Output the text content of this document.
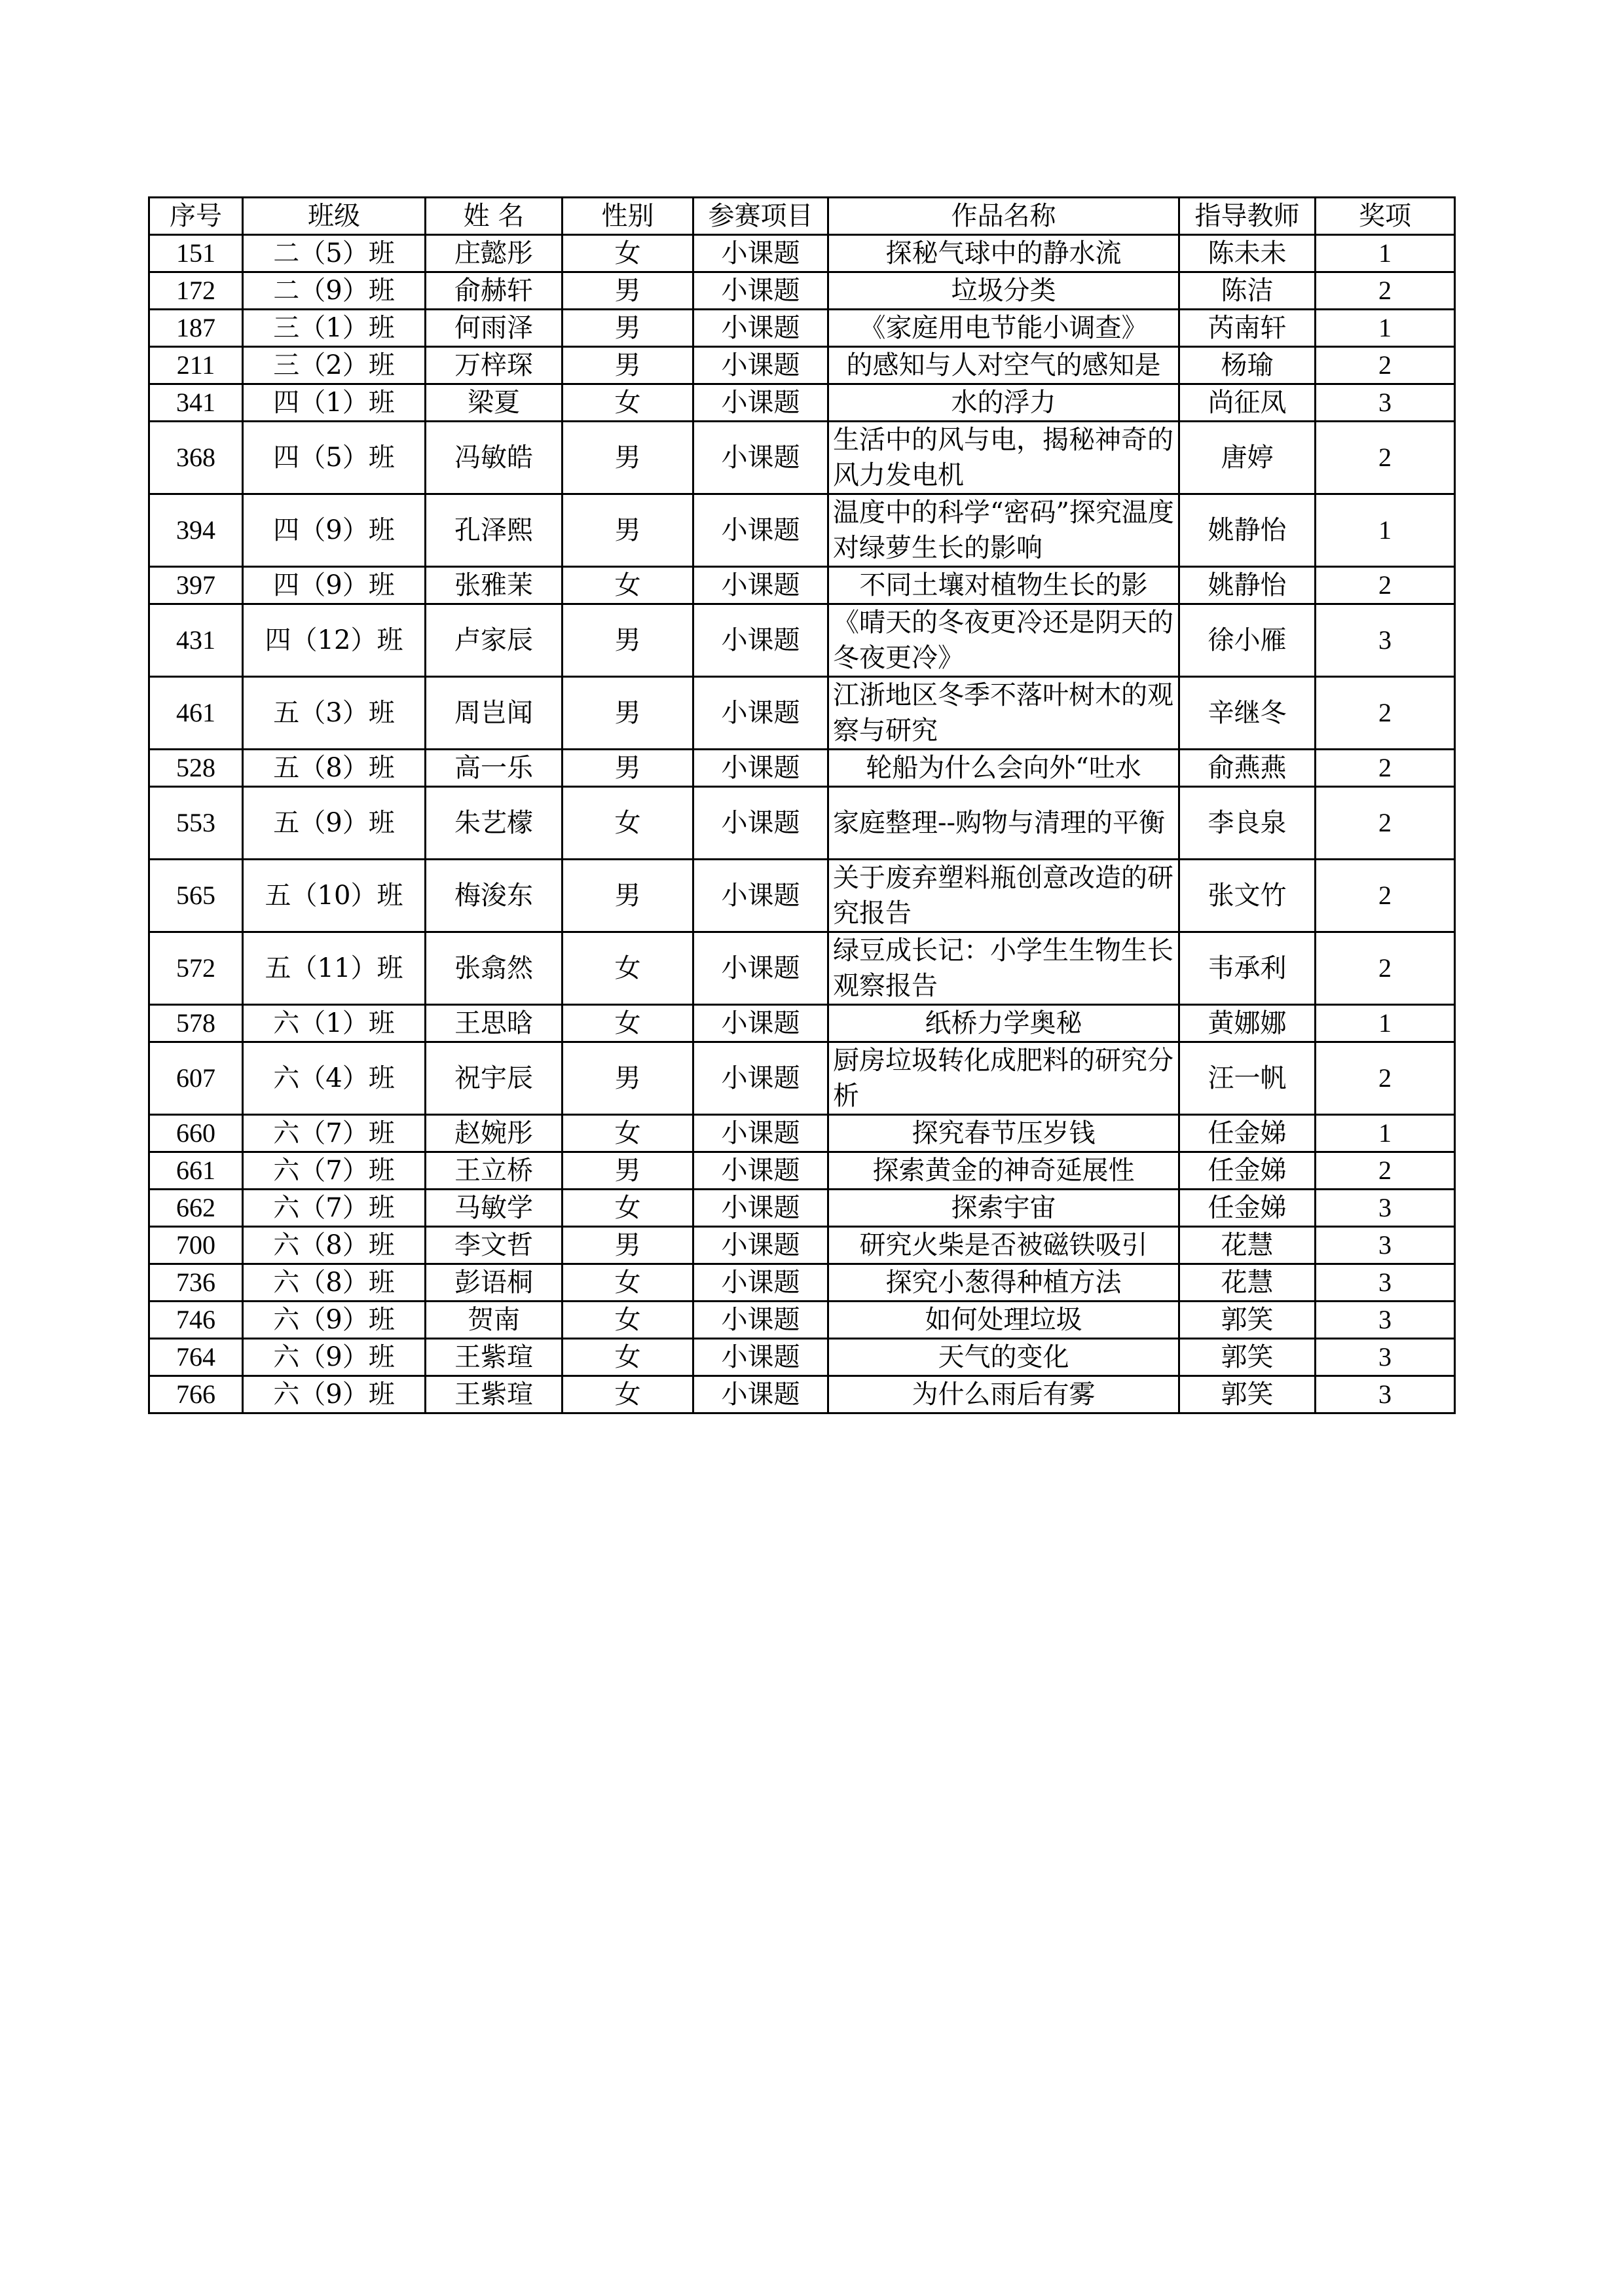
序号	班级	姓 名	性别	参赛项目	作品名称	指导教师	奖项
151	二（5）班	庄懿彤	女	小课题	探秘气球中的静水流	陈未未	1
172	二（9）班	俞赫轩	男	小课题	垃圾分类	陈洁	2
187	三（1）班	何雨泽	男	小课题	《家庭用电节能小调查》	芮南轩	1
211	三（2）班	万梓琛	男	小课题	的感知与人对空气的感知是	杨瑜	2
341	四（1）班	梁夏	女	小课题	水的浮力	尚征凤	3
368	四（5）班	冯敏皓	男	小课题	生活中的风与电，揭秘神奇的风力发电机	唐婷	2
394	四（9）班	孔泽熙	男	小课题	温度中的科学“密码”探究温度对绿萝生长的影响	姚静怡	1
397	四（9）班	张雅茉	女	小课题	不同土壤对植物生长的影	姚静怡	2
431	四（12）班	卢家辰	男	小课题	《晴天的冬夜更冷还是阴天的冬夜更冷》	徐小雁	3
461	五（3）班	周岂闻	男	小课题	江浙地区冬季不落叶树木的观察与研究	辛继冬	2
528	五（8）班	高一乐	男	小课题	轮船为什么会向外“吐水	俞燕燕	2
553	五（9）班	朱艺檬	女	小课题	家庭整理--购物与清理的平衡	李良泉	2
565	五（10）班	梅浚东	男	小课题	关于废弃塑料瓶创意改造的研究报告	张文竹	2
572	五（11）班	张翕然	女	小课题	绿豆成长记：小学生生物生长观察报告	韦承利	2
578	六（1）班	王思晗	女	小课题	纸桥力学奥秘	黄娜娜	1
607	六（4）班	祝宇辰	男	小课题	厨房垃圾转化成肥料的研究分析	汪一帆	2
660	六（7）班	赵婉彤	女	小课题	探究春节压岁钱	任金娣	1
661	六（7）班	王立桥	男	小课题	探索黄金的神奇延展性	任金娣	2
662	六（7）班	马敏学	女	小课题	探索宇宙	任金娣	3
700	六（8）班	李文哲	男	小课题	研究火柴是否被磁铁吸引	花慧	3
736	六（8）班	彭语桐	女	小课题	探究小葱得种植方法	花慧	3
746	六（9）班	贺南	女	小课题	如何处理垃圾	郭笑	3
764	六（9）班	王紫瑄	女	小课题	天气的变化	郭笑	3
766	六（9）班	王紫瑄	女	小课题	为什么雨后有雾	郭笑	3
